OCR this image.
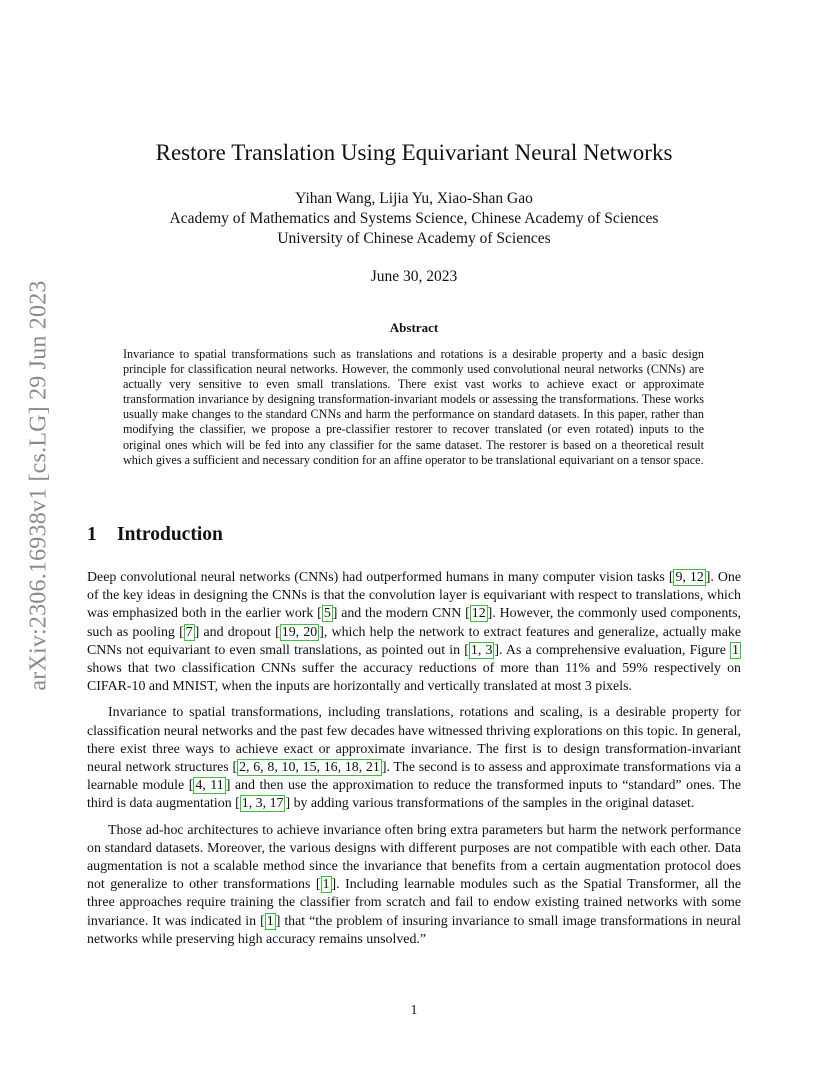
arXiv:2306.16938v1 [cs.LG] 29 Jun 2023
Restore Translation Using Equivariant Neural Networks
Yihan Wang, Lijia Yu, Xiao-Shan Gao
Academy of Mathematics and Systems Science, Chinese Academy of Sciences
University of Chinese Academy of Sciences
June 30, 2023
Abstract

Invariance to spatial transformations such as translations and rotations is a desirable property and a basic design principle for classification neural networks. However, the commonly used convolutional neural networks (CNNs) are actually very sensitive to even small translations. There exist vast works to achieve exact or approximate transformation invariance by designing transformation-invariant models or assessing the transformations. These works usually make changes to the standard CNNs and harm the performance on standard datasets. In this paper, rather than modifying the classifier, we propose a pre-classifier restorer to recover translated (or even rotated) inputs to the original ones which will be fed into any classifier for the same dataset. The restorer is based on a theoretical result which gives a sufficient and necessary condition for an affine operator to be translational equivariant on a tensor space.

1 Introduction

Deep convolutional neural networks (CNNs) had outperformed humans in many computer vision tasks [ 9, 12 ]. One of the key ideas in designing the CNNs is that the convolution layer is equivariant with respect to translations, which was emphasized both in the earlier work [ 5 ] and the modern CNN [ 12 ]. However, the commonly used components, such as pooling [ 7 ] and dropout [ 19, 20 ], which help the network to extract features and generalize, actually make CNNs not equivariant to even small translations, as pointed out in [ 1, 3 ]. As a comprehensive evaluation, Figure 1 shows that two classification CNNs suffer the accuracy reductions of more than 11% and 59% respectively on CIFAR-10 and MNIST, when the inputs are horizontally and vertically translated at most 3 pixels.

Invariance to spatial transformations, including translations, rotations and scaling, is a desirable property for classification neural networks and the past few decades have witnessed thriving explorations on this topic. In general, there exist three ways to achieve exact or approximate invariance. The first is to design transformation-invariant neural network structures [ 2, 6, 8, 10, 15, 16, 18, 21 ]. The second is to assess and approximate transformations via a learnable module [ 4, 11 ] and then use the approximation to reduce the transformed inputs to “standard” ones. The third is data augmentation [ 1, 3, 17 ] by adding various transformations of the samples in the original dataset.

Those ad-hoc architectures to achieve invariance often bring extra parameters but harm the network performance on standard datasets. Moreover, the various designs with different purposes are not compatible with each other. Data augmentation is not a scalable method since the invariance that benefits from a certain augmentation protocol does not generalize to other transformations [ 1 ]. Including learnable modules such as the Spatial Transformer, all the three approaches require training the classifier from scratch and fail to endow existing trained networks with some invariance. It was indicated in [ 1 ] that “the problem of insuring invariance to small image transformations in neural networks while preserving high accuracy remains unsolved.”

1
